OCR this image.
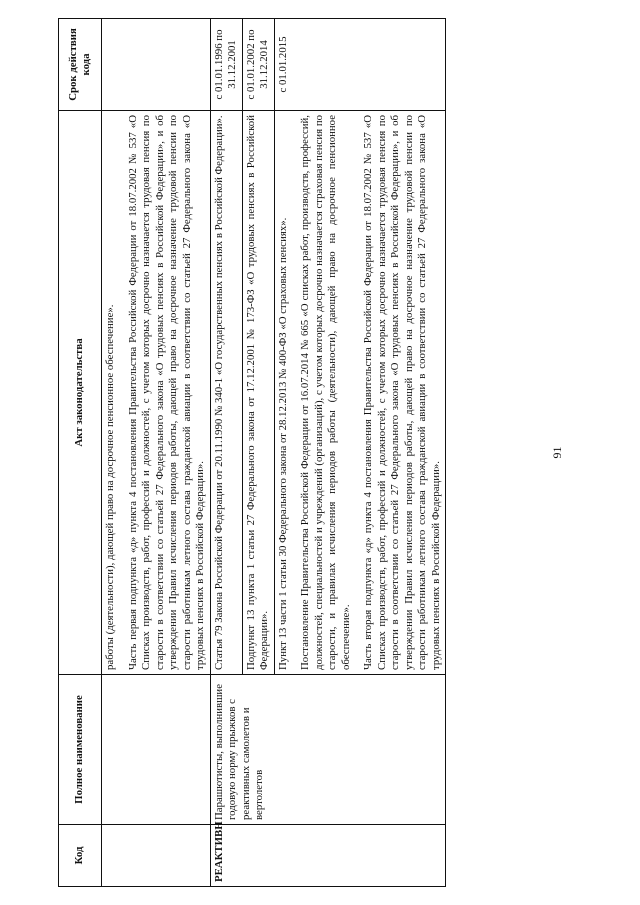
91
Код	Полное наименование	Акт законодательства	Срок действия кода

		работы (деятельности), дающей право на досрочное пенсионное обеспечение». Часть первая подпункта «д» пункта 4 постановления Правительства Российской Федерации от 18.07.2002 № 537 «О Списках производств, работ, профессий и должностей, с учетом которых досрочно назначается трудовая пенсия по старости в соответствии со статьей 27 Федерального закона «О трудовых пенсиях в Российской Федерации», и об утверждении Правил исчисления периодов работы, дающей право на досрочное назначение трудовой пенсии по старости работникам летного состава гражданской авиации в соответствии со статьей 27 Федерального закона «О трудовых пенсиях в Российской Федерации».	

РЕАКТИВН	Парашютисты, выполнившие годовую норму прыжков с реактивных самолетов и вертолетов	Статья 79 Закона Российской Федерации от 20.11.1990 № 340-1 «О государственных пенсиях в Российской Федерации».	с 01.01.1996 по 31.12.2001

		Подпункт 13 пункта 1 статьи 27 Федерального закона от 17.12.2001 № 173-ФЗ «О трудовых пенсиях в Российской Федерации».	с 01.01.2002 по 31.12.2014

		Пункт 13 части 1 статьи 30 Федерального закона от 28.12.2013 № 400-ФЗ «О страховых пенсиях». Постановление Правительства Российской Федерации от 16.07.2014 № 665 «О списках работ, производств, профессий, должностей, специальностей и учреждений (организаций), с учетом которых досрочно назначается страховая пенсия по старости, и правилах исчисления периодов работы (деятельности), дающей право на досрочное пенсионное обеспечение». Часть вторая подпункта «д» пункта 4 постановления Правительства Российской Федерации от 18.07.2002 № 537 «О Списках производств, работ, профессий и должностей, с учетом которых досрочно назначается трудовая пенсия по старости в соответствии со статьей 27 Федерального закона «О трудовых пенсиях в Российской Федерации», и об утверждении Правил исчисления периодов работы, дающей право на досрочное назначение трудовой пенсии по старости работникам летного состава гражданской авиации в соответствии со статьей 27 Федерального закона «О трудовых пенсиях в Российской Федерации».	с 01.01.2015
